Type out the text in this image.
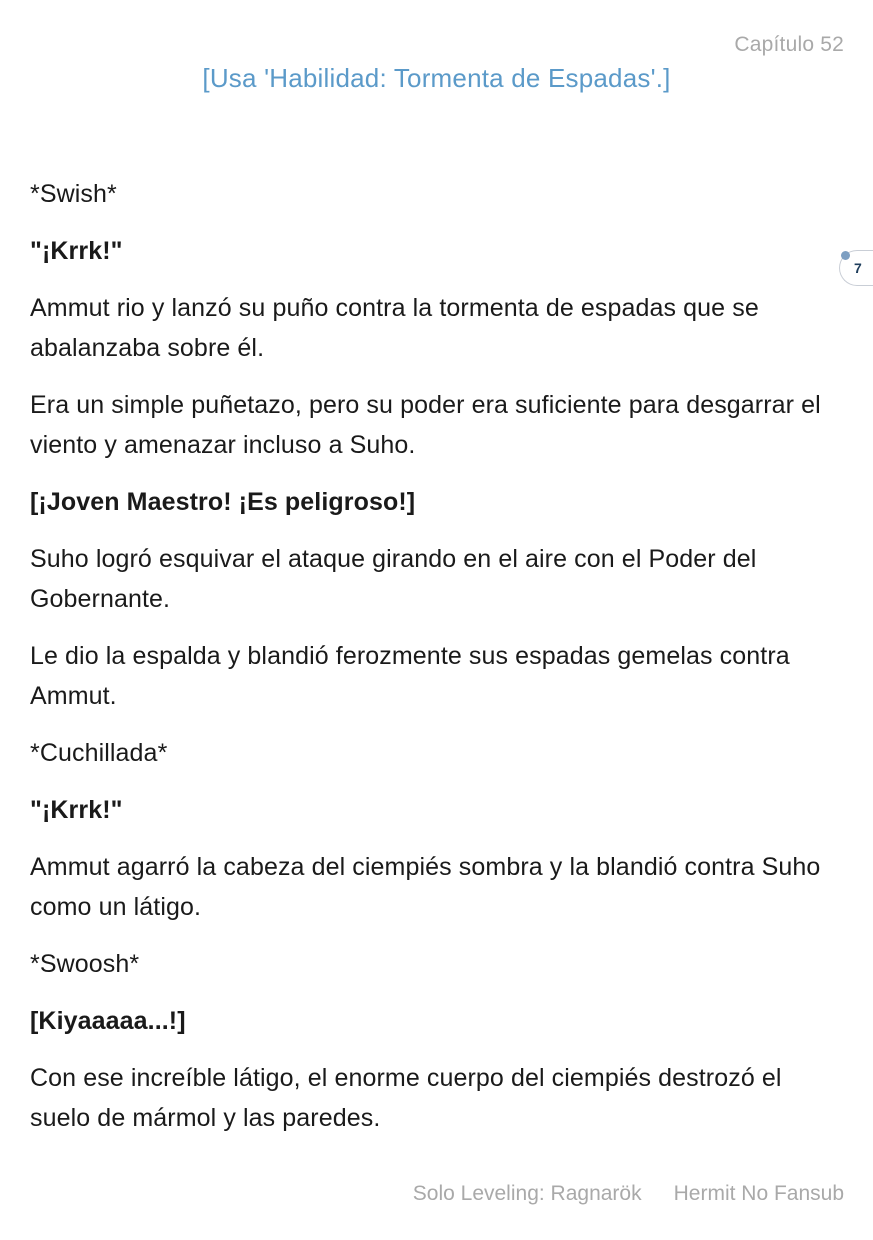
Capítulo 52
[Usa 'Habilidad: Tormenta de Espadas'.]

*Swish*

"¡Krrk!"

Ammut rio y lanzó su puño contra la tormenta de espadas que se abalanzaba sobre él.

Era un simple puñetazo, pero su poder era suficiente para desgarrar el viento y amenazar incluso a Suho.

[¡Joven Maestro! ¡Es peligroso!]

Suho logró esquivar el ataque girando en el aire con el Poder del Gobernante.

Le dio la espalda y blandió ferozmente sus espadas gemelas contra Ammut.

*Cuchillada*

"¡Krrk!"

Ammut agarró la cabeza del ciempiés sombra y la blandió contra Suho como un látigo.

*Swoosh*

[Kiyaaaaa...!]

Con ese increíble látigo, el enorme cuerpo del ciempiés destrozó el suelo de mármol y las paredes.

7
Solo Leveling: Ragnarök Hermit No Fansub
